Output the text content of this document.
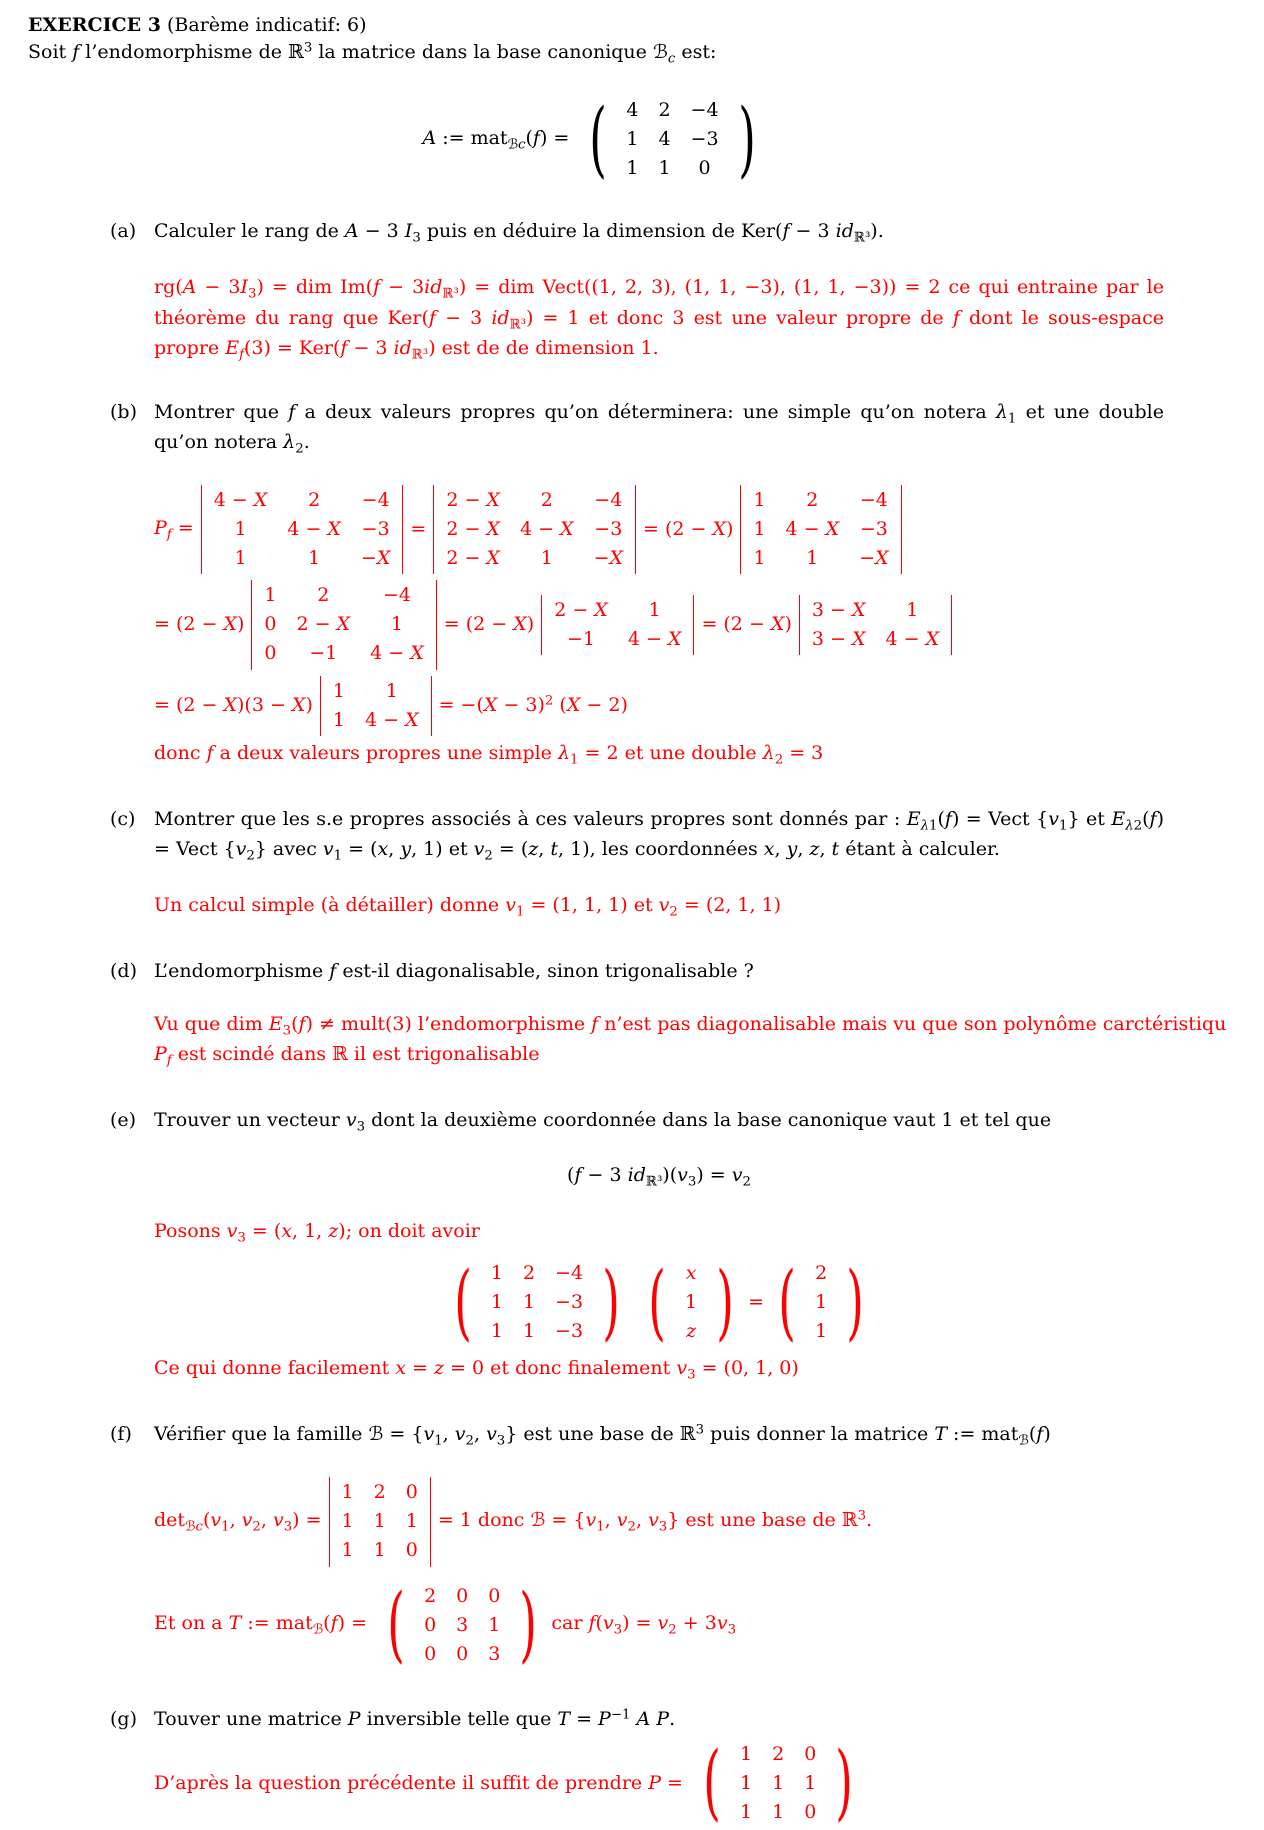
EXERCICE 3 (Barème indicatif: 6)
Soit f l’endomorphisme de ℝ$^3$ la matrice dans la base canonique ℬ$_c$ est:
A := mat$_{ℬc}$(f) =
(
4	2	−4
1	4	−3
1	1	0
)
(a) Calculer le rang de A − 3 $I_3$ puis en déduire la dimension de Ker(f − 3 $id_{ℝ^3}$).
$rg(A - 3I_3)$ = dim $Im(f - 3id_{ℝ^3})$ = dim Vect((1, 2, 3), (1, 1, −3), (1, 1, −3)) = 2 ce qui entraine par le théorème du rang que Ker(f − 3 $id_{ℝ^3}) = 1$ et donc 3 est une valeur propre de f dont le sous-espace propre $E_f(3) = Ker(f - 3$ $id_{ℝ^3}$) est de de dimension 1.
(b) Montrer que f a deux valeurs propres qu’on déterminera: une simple qu’on notera $\lambda_1$ et une double qu’on notera $\lambda_2$.
$P_f$ =
4 − X	2	−4
1	4 − X	−3
1	1	−X
=
2 − X	2	−4
2 − X	4 − X	−3
2 − X	1	−X
= (2 − X)
1	2	−4
1	4 − X	−3
1	1	−X
= (2 − X)
1	2	−4
0	2 − X	1
0	−1	4 − X
= (2 − X)
2 − X	1
−1	4 − X
= (2 − X)
3 − X	1
3 − X	4 − X
= (2 − X)(3 − X)
1	1
1	4 − X
= $-(X - 3)^2$ (X − 2)
donc f a deux valeurs propres une simple $\lambda_1 = 2$ et une double $\lambda_2 = 3$
(c) Montrer que les s.e propres associés à ces valeurs propres sont donnés par : $E_{\lambda 1}(f)$ = Vect $\{v_1\}$ et $E_{\lambda 2}(f)$ = Vect $\{v_2\}$ avec $v_1 = (x$, y, 1) et $v_2 = (z$, t, 1), les coordonnées x, y, z, t étant à calculer.
Un calcul simple (à détailler) donne $v_1 = (1$, 1, 1) et $v_2 = (2$, 1, 1)
(d) L’endomorphisme f est-il diagonalisable, sinon trigonalisable ?
Vu que dim $E_3(f)$ ≠ mult(3) l’endomorphisme f n’est pas diagonalisable mais vu que son polynôme carctéristiqu
$P_f$ est scindé dans ℝ il est trigonalisable
(e) Trouver un vecteur $v_3$ dont la deuxième coordonnée dans la base canonique vaut 1 et tel que
(f − 3 $id_{ℝ^3})(v_3) = v_2$
Posons $v_3 = (x$, 1, z); on doit avoir
(
1	2	−4
1	1	−3
1	1	−3
)
(
x
1
z
)
=
(
2
1
1
)
Ce qui donne facilement x = z = 0 et donc finalement $v_3 = (0$, 1, 0)
(f)	Vérifier que la famille ℬ = {$v_1$, $v_2$, $v_3$} est une base de ℝ$^3$ puis donner la matrice T := mat$_ℬ$(f)
$\det_{ℬc}(v_1$, $v_2$, $v_3$) =
1	2	0
1	1	1
1	1	0
= 1 donc ℬ = {$v_1$, $v_2$, $v_3$} est une base de ℝ$^3$.
Et on a T := mat$_ℬ$(f) =
(
2	0	0
0	3	1
0	0	3
)
car $f(v_3) = v_2 + 3v_3$
(g) Touver une matrice P inversible telle que $T = P^{-1}$ A P.
D’après la question précédente il suffit de prendre P =
(
1	2	0
1	1	1
1	1	0
)
